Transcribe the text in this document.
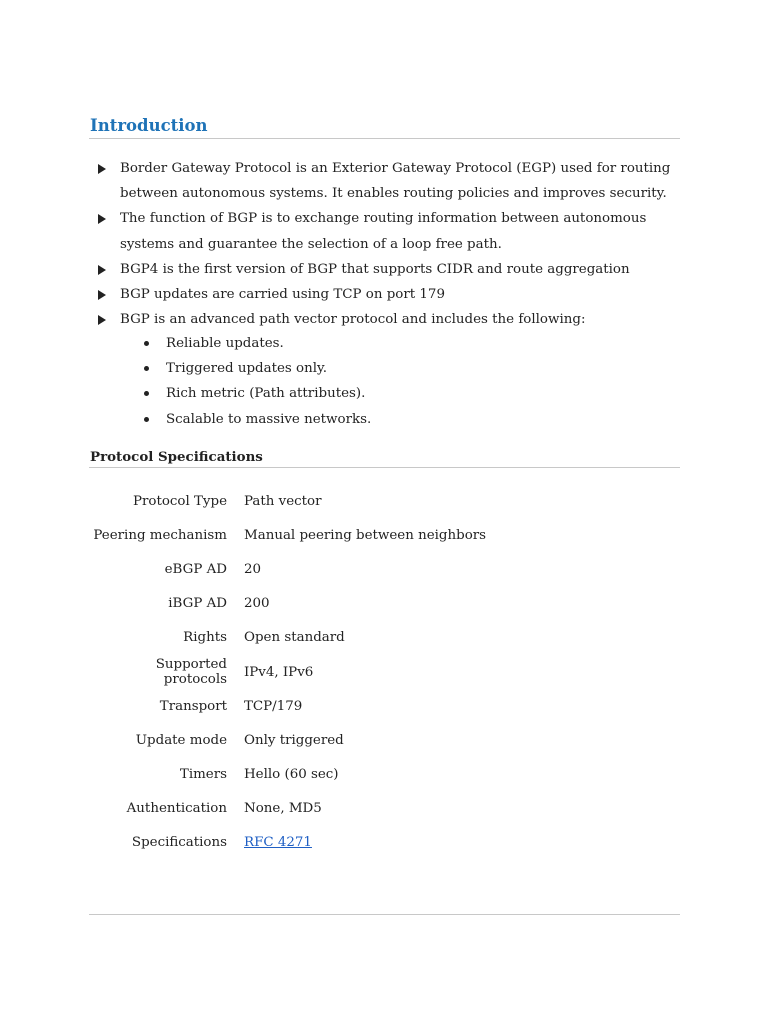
Introduction
Border Gateway Protocol is an Exterior Gateway Protocol (EGP) used for routing between autonomous systems. It enables routing policies and improves security.
The function of BGP is to exchange routing information between autonomous systems and guarantee the selection of a loop free path.
BGP4 is the first version of BGP that supports CIDR and route aggregation
BGP updates are carried using TCP on port 179
BGP is an advanced path vector protocol and includes the following:
Reliable updates.
Triggered updates only.
Rich metric (Path attributes).
Scalable to massive networks.
Protocol Specifications
Protocol Type	Path vector
Peering mechanism	Manual peering between neighbors
eBGP AD	20
iBGP AD	200
Rights	Open standard
Supported protocols	IPv4, IPv6
Transport	TCP/179
Update mode	Only triggered
Timers	Hello (60 sec)
Authentication	None, MD5
Specifications	RFC 4271
